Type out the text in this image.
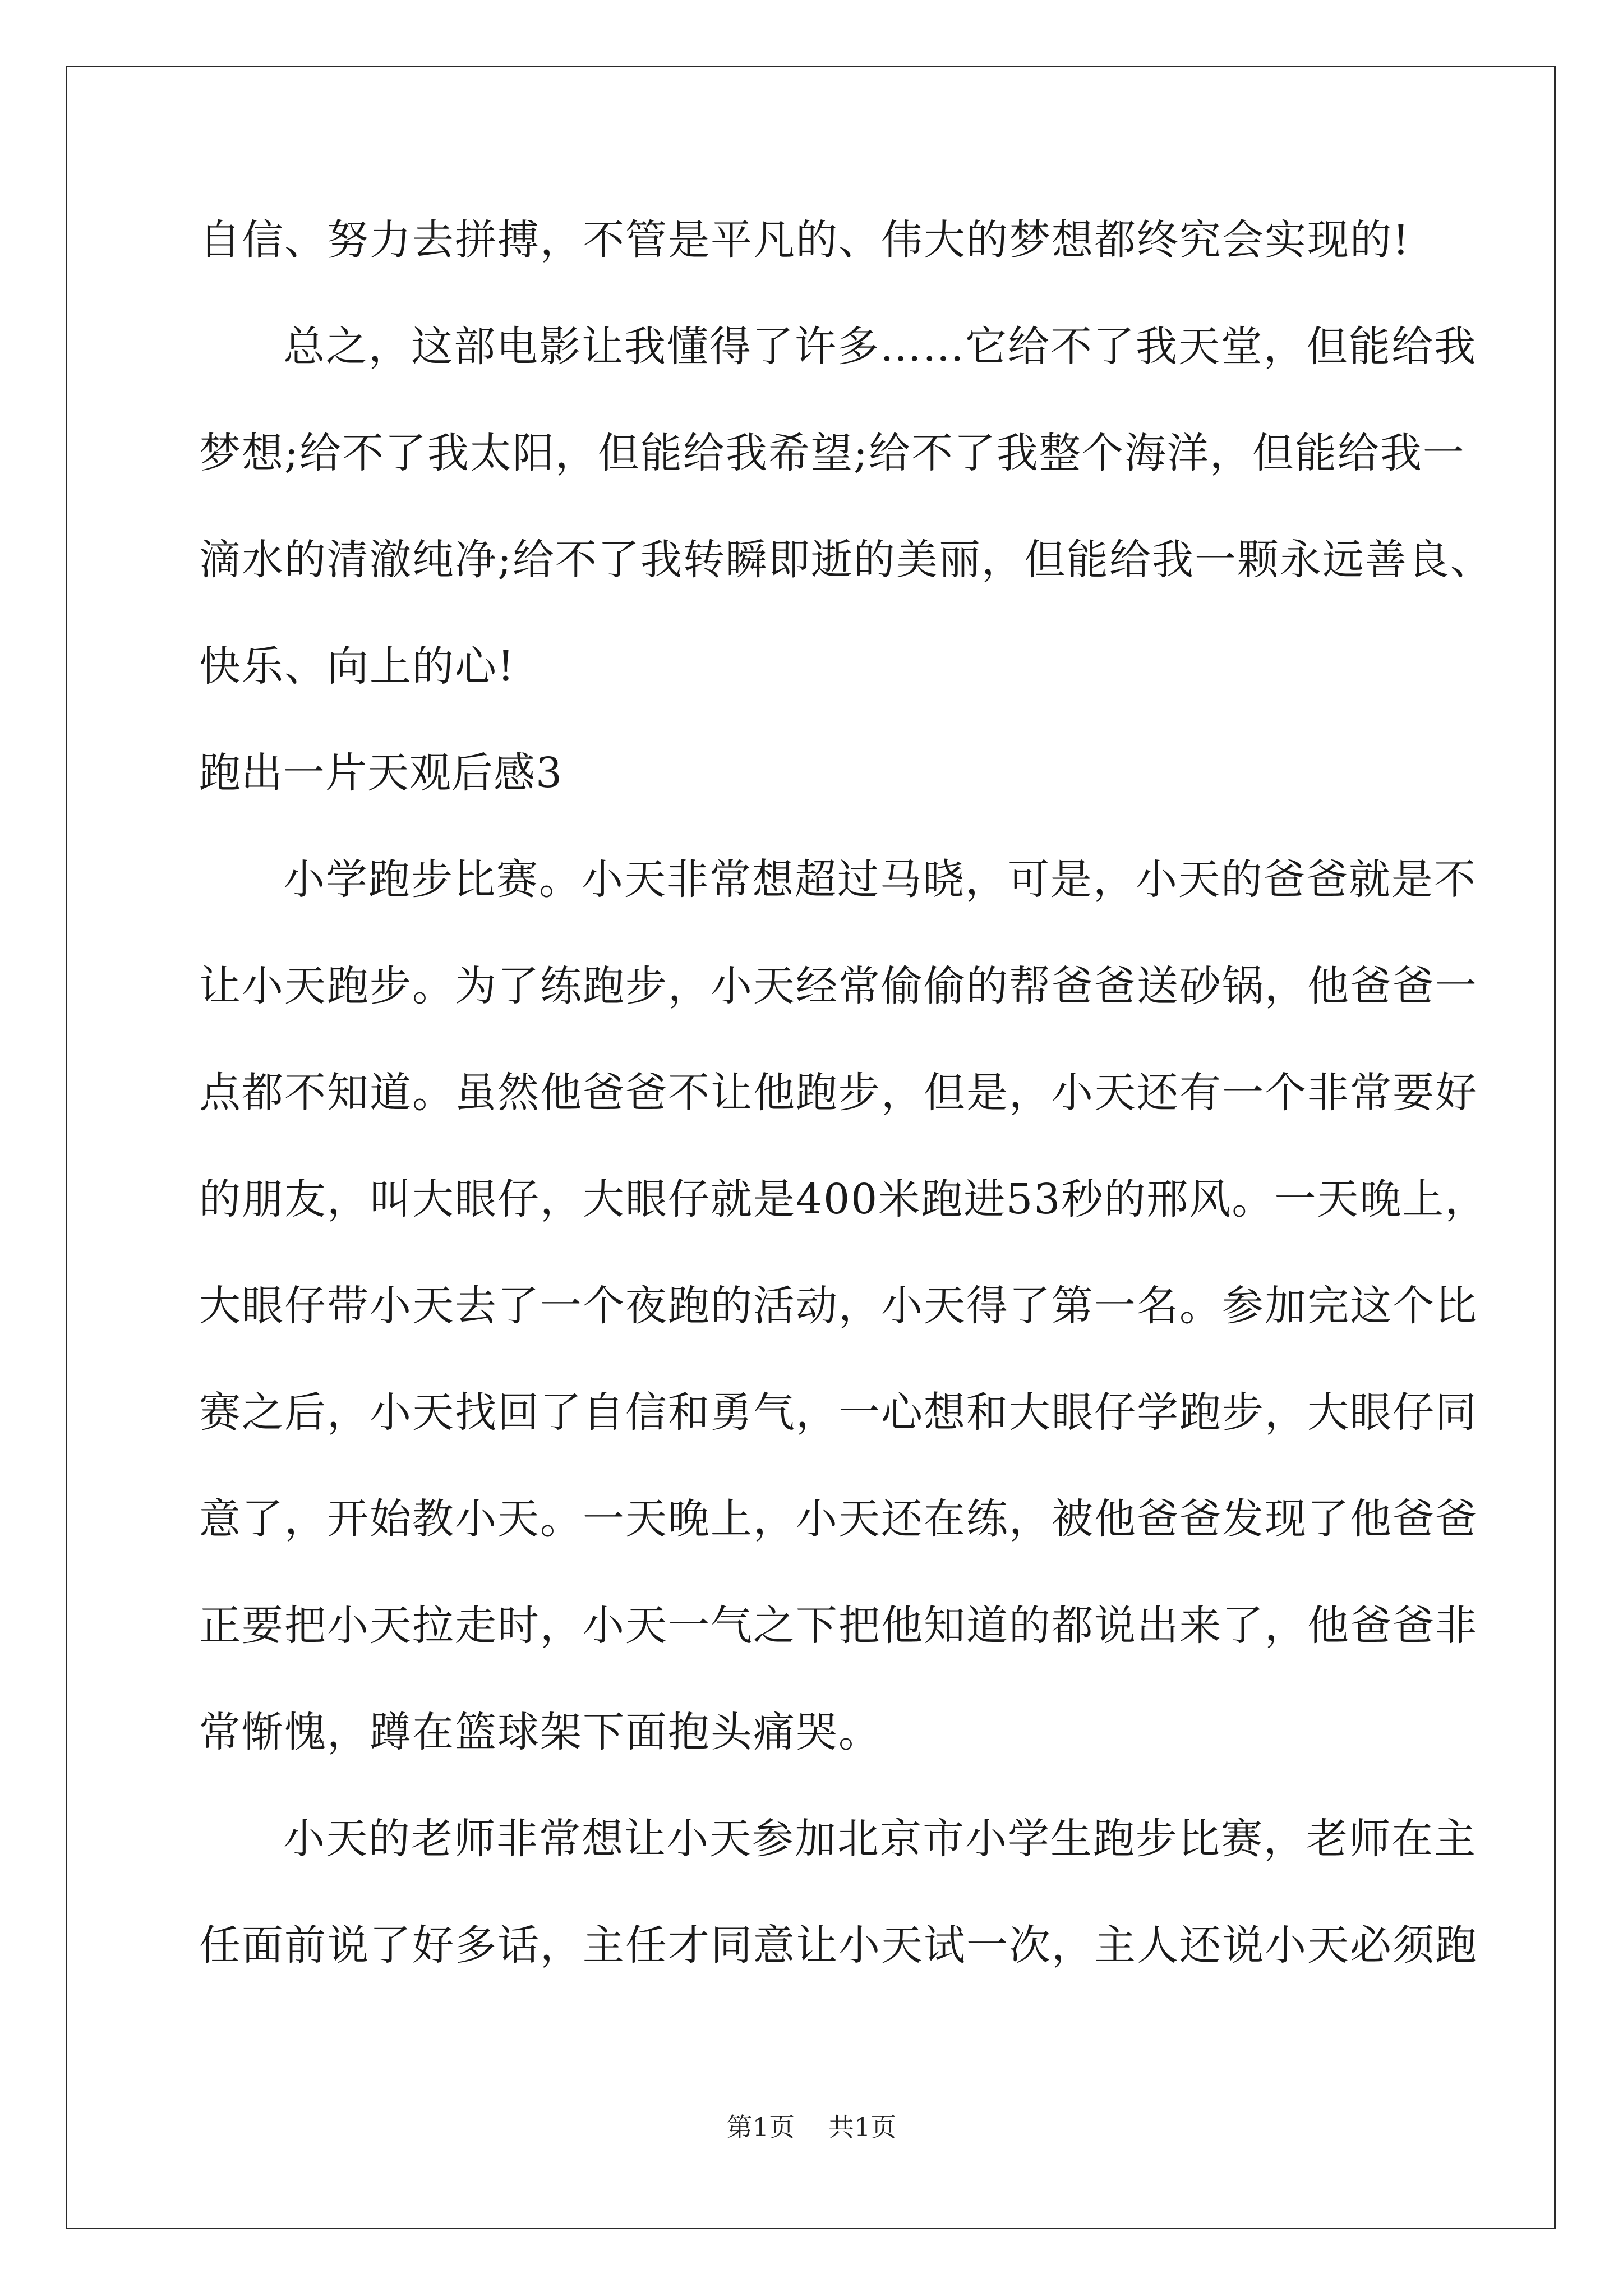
自信、努力去拼搏，不管是平凡的、伟大的梦想都终究会实现的!
总之，这部电影让我懂得了许多……它给不了我天堂，但能给我
梦想;给不了我太阳，但能给我希望;给不了我整个海洋，但能给我一
滴水的清澈纯净;给不了我转瞬即逝的美丽，但能给我一颗永远善良、
快乐、向上的心!
跑出一片天观后感3
小学跑步比赛。小天非常想超过马晓，可是，小天的爸爸就是不
让小天跑步。为了练跑步，小天经常偷偷的帮爸爸送砂锅，他爸爸一
点都不知道。虽然他爸爸不让他跑步，但是，小天还有一个非常要好
的朋友，叫大眼仔，大眼仔就是400米跑进53秒的邢风。一天晚上，
大眼仔带小天去了一个夜跑的活动，小天得了第一名。参加完这个比
赛之后，小天找回了自信和勇气，一心想和大眼仔学跑步，大眼仔同
意了，开始教小天。一天晚上，小天还在练，被他爸爸发现了他爸爸
正要把小天拉走时，小天一气之下把他知道的都说出来了，他爸爸非
常惭愧，蹲在篮球架下面抱头痛哭。
小天的老师非常想让小天参加北京市小学生跑步比赛，老师在主
任面前说了好多话，主任才同意让小天试一次，主人还说小天必须跑
第1页 共1页
